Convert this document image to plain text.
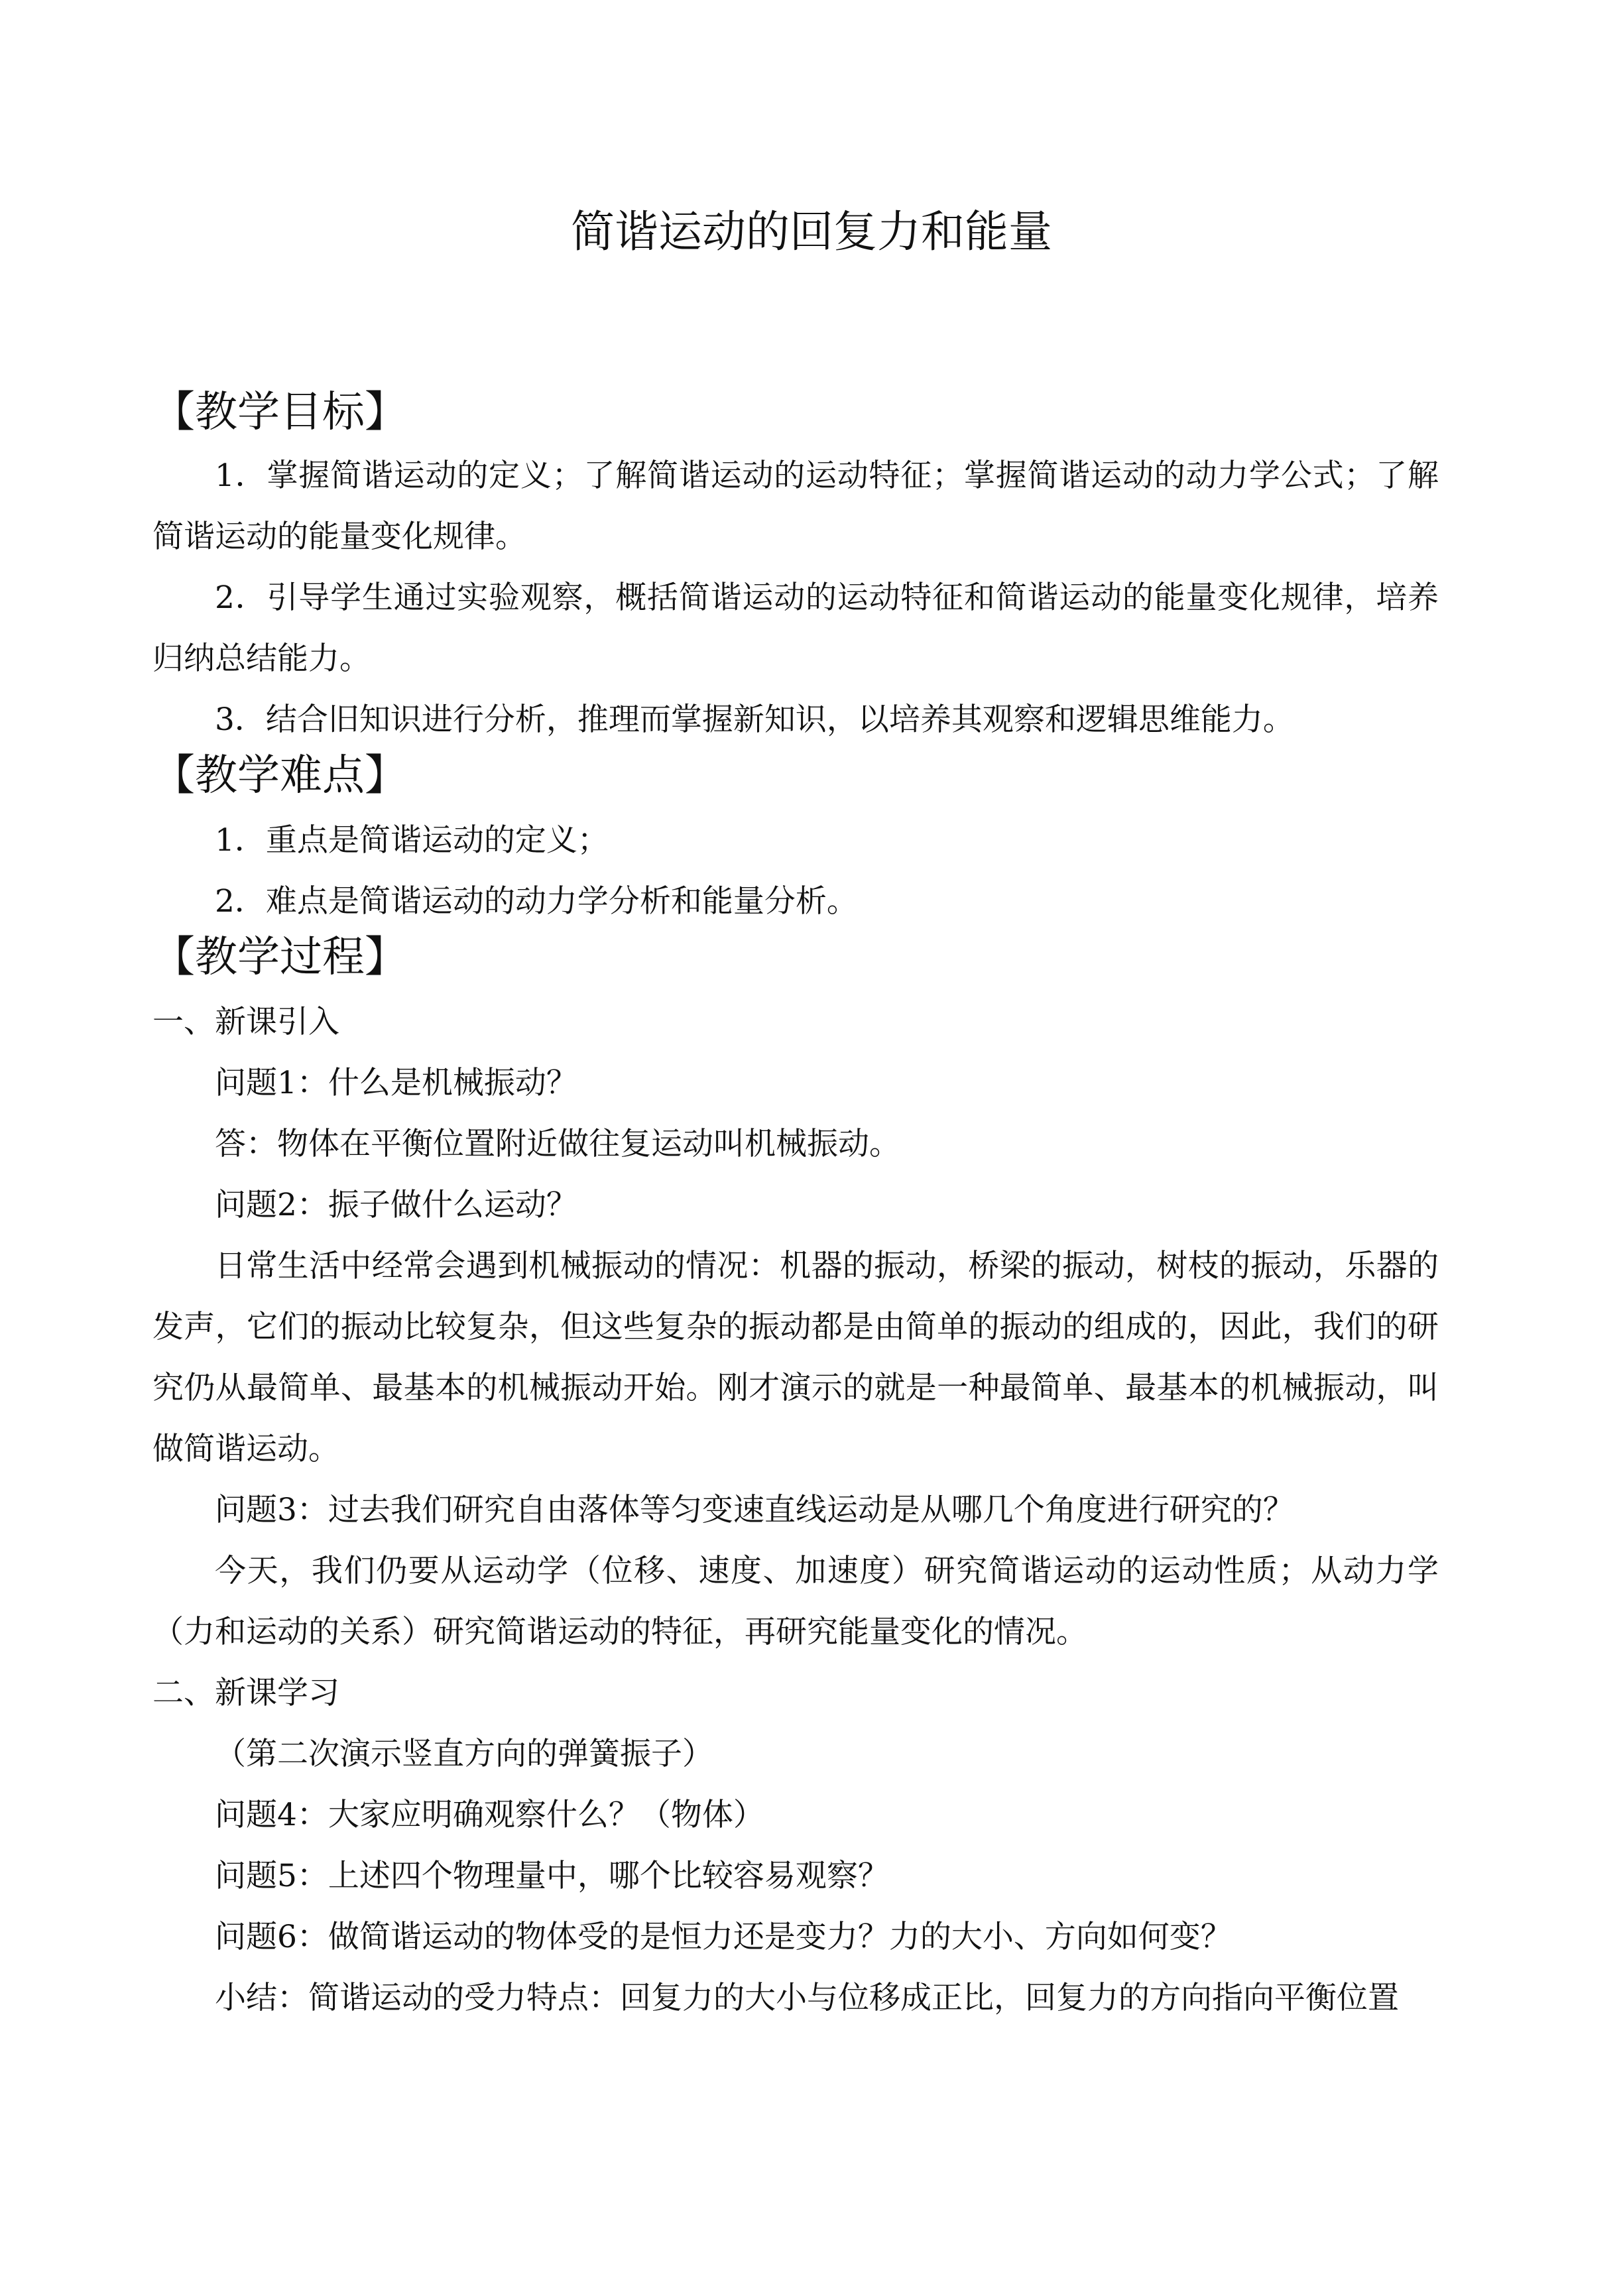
简谐运动的回复力和能量
【教学目标】

1．掌握简谐运动的定义；了解简谐运动的运动特征；掌握简谐运动的动力学公式；了解简谐运动的能量变化规律。

2．引导学生通过实验观察，概括简谐运动的运动特征和简谐运动的能量变化规律，培养归纳总结能力。

3．结合旧知识进行分析，推理而掌握新知识，以培养其观察和逻辑思维能力。

【教学难点】

1．重点是简谐运动的定义；

2．难点是简谐运动的动力学分析和能量分析。

【教学过程】

一、新课引入

问题1：什么是机械振动？

答：物体在平衡位置附近做往复运动叫机械振动。

问题2：振子做什么运动？

日常生活中经常会遇到机械振动的情况：机器的振动，桥梁的振动，树枝的振动，乐器的发声，它们的振动比较复杂，但这些复杂的振动都是由简单的振动的组成的，因此，我们的研究仍从最简单、最基本的机械振动开始。刚才演示的就是一种最简单、最基本的机械振动，叫做简谐运动。

问题3：过去我们研究自由落体等匀变速直线运动是从哪几个角度进行研究的？

今天，我们仍要从运动学（位移、速度、加速度）研究简谐运动的运动性质；从动力学（力和运动的关系）研究简谐运动的特征，再研究能量变化的情况。

二、新课学习

（第二次演示竖直方向的弹簧振子）

问题4：大家应明确观察什么？（物体）

问题5：上述四个物理量中，哪个比较容易观察？

问题6：做简谐运动的物体受的是恒力还是变力？力的大小、方向如何变？

小结：简谐运动的受力特点：回复力的大小与位移成正比，回复力的方向指向平衡位置
